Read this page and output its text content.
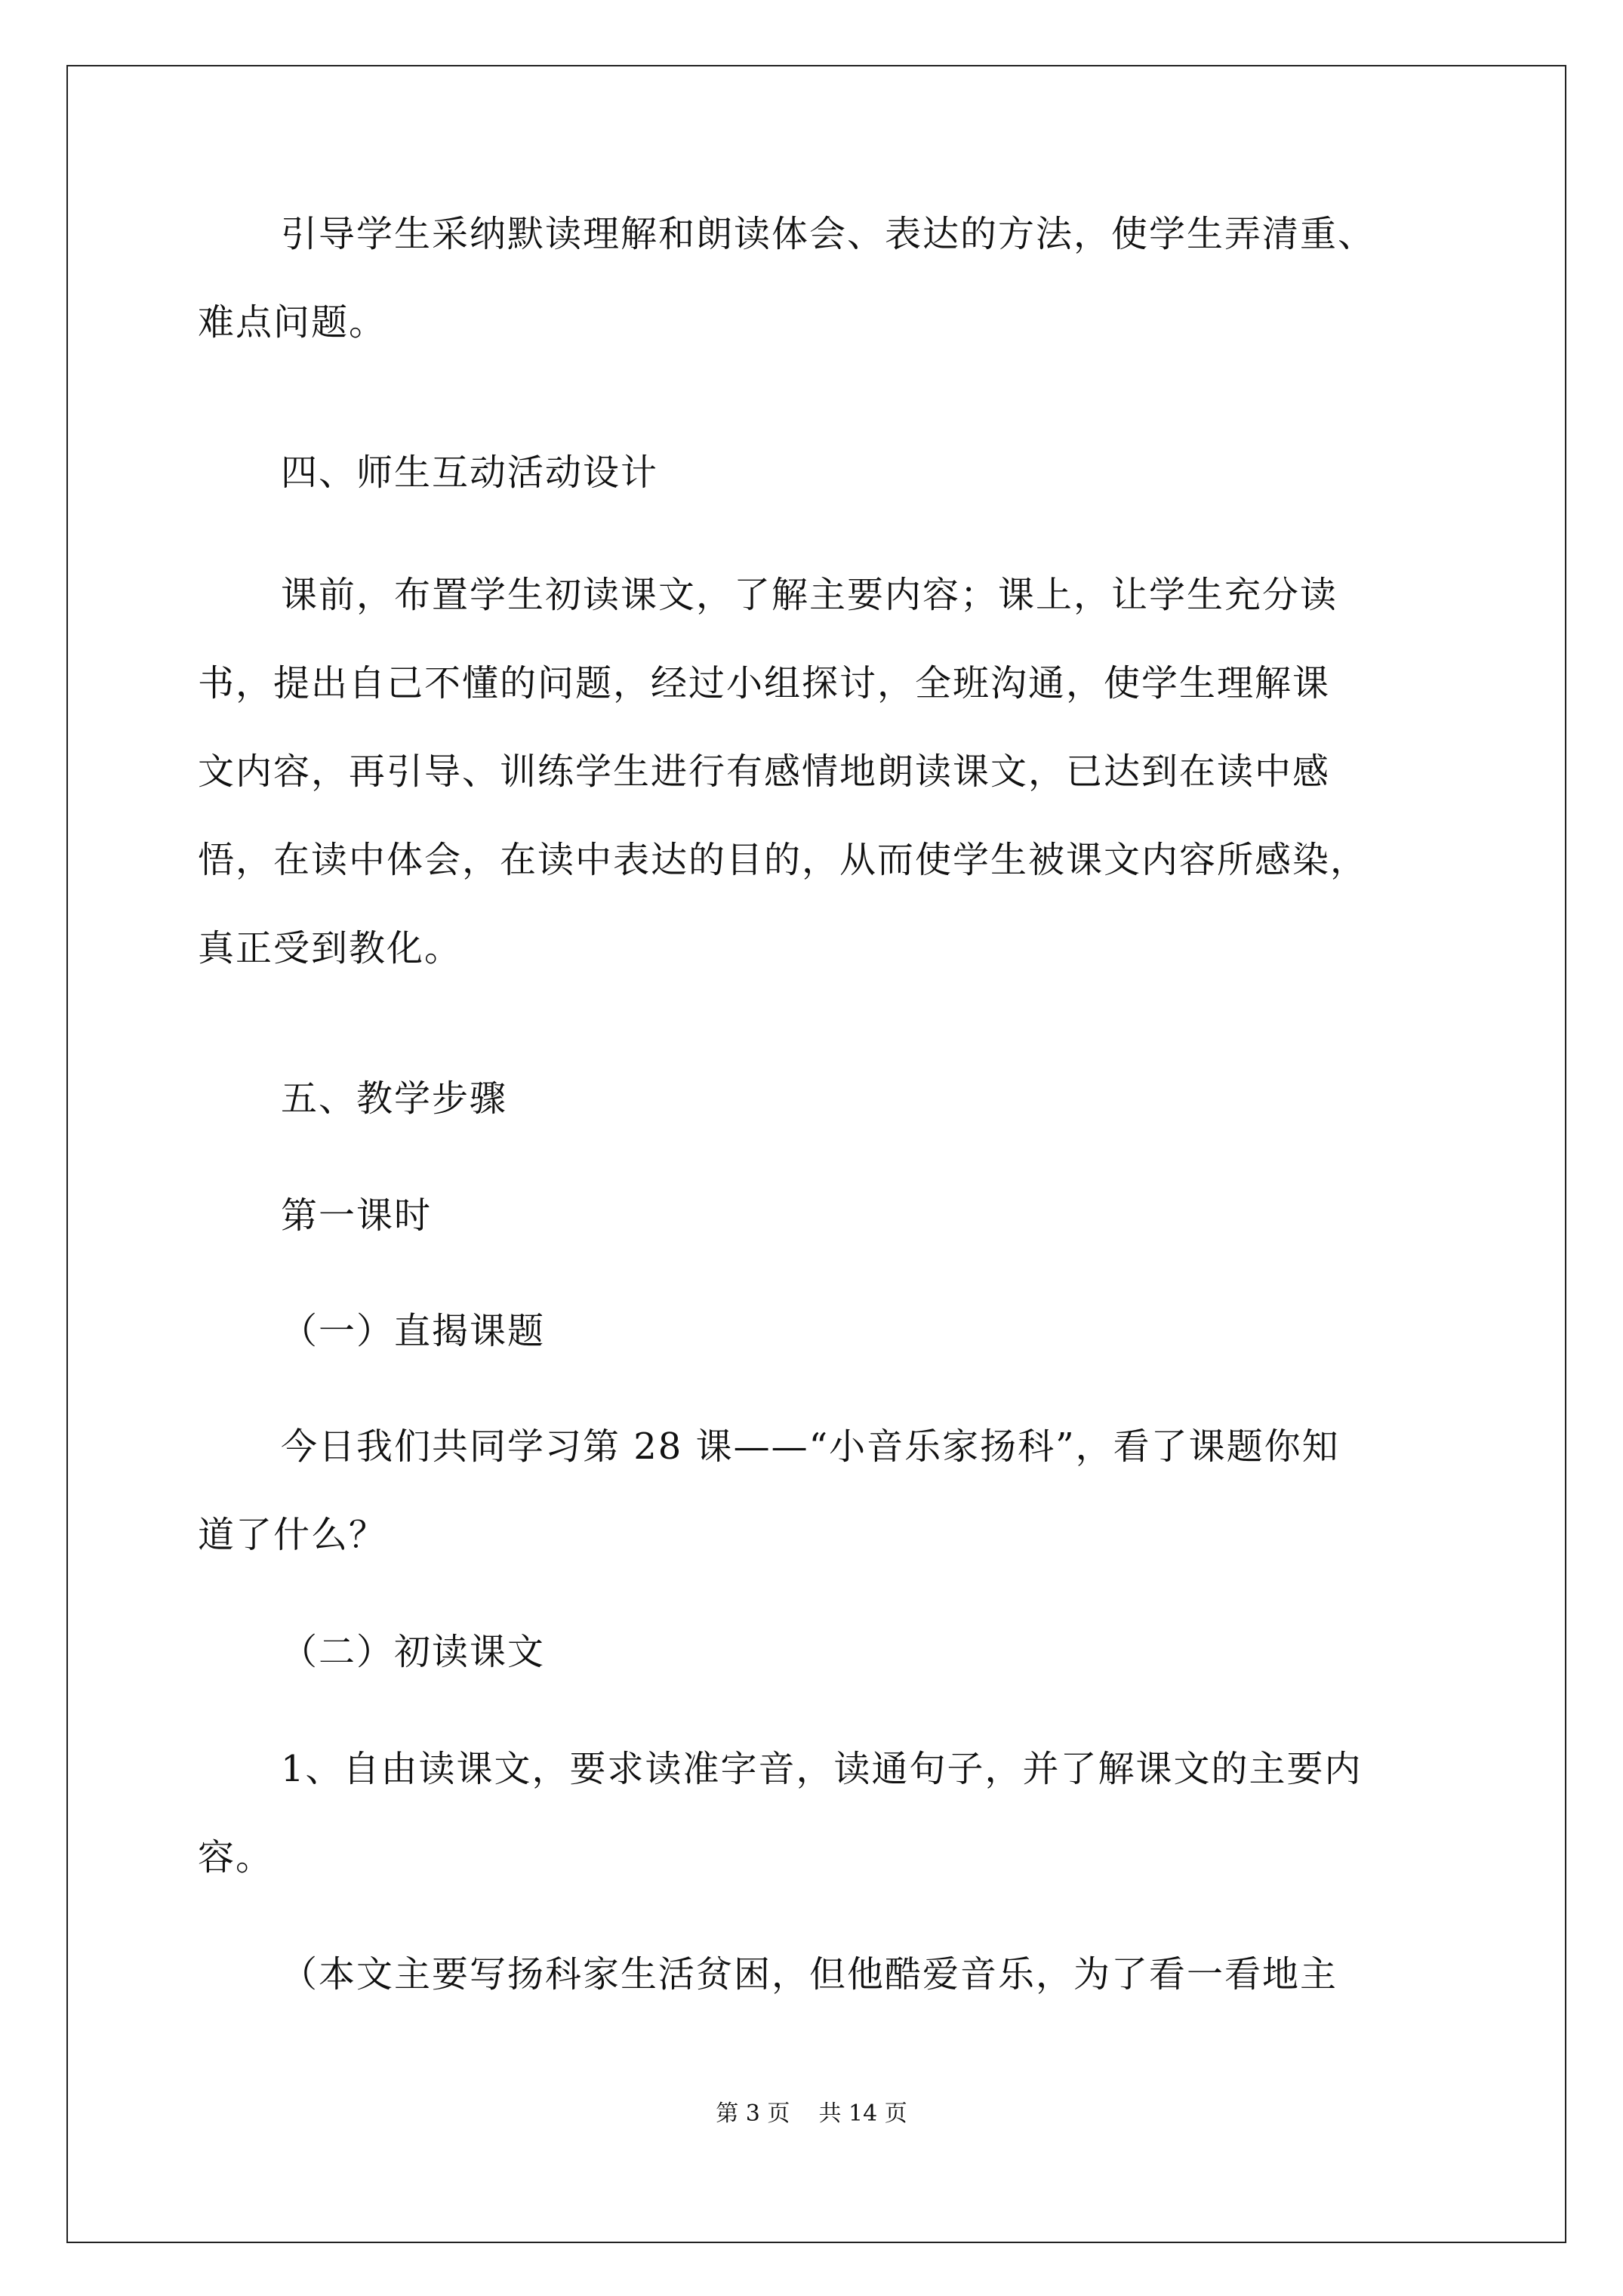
引导学生采纳默读理解和朗读体会、表达的方法，使学生弄清重、
难点问题。
四、师生互动活动设计
课前，布置学生初读课文，了解主要内容；课上，让学生充分读
书，提出自己不懂的问题，经过小组探讨，全班沟通，使学生理解课
文内容，再引导、训练学生进行有感情地朗读课文，已达到在读中感
悟，在读中体会，在读中表达的目的，从而使学生被课文内容所感染，
真正受到教化。
五、教学步骤
第一课时
（一）直揭课题
今日我们共同学习第 28 课——“小音乐家扬科”，看了课题你知
道了什么？
（二）初读课文
1、自由读课文，要求读准字音，读通句子，并了解课文的主要内
容。
（本文主要写扬科家生活贫困，但他酷爱音乐，为了看一看地主
第 3 页    共 14 页
